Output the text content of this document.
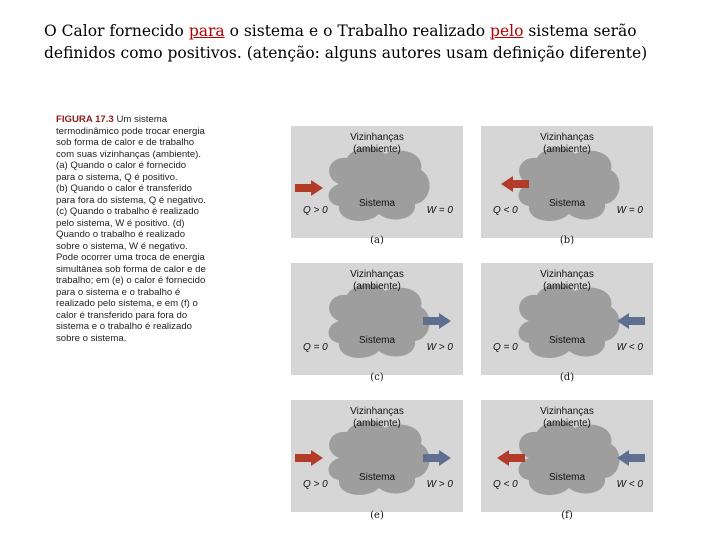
O Calor fornecido para o sistema e o Trabalho realizado pelo sistema serão definidos como positivos. (atenção: alguns autores usam definição diferente)
FIGURA 17.3 Um sistema
termodinâmico pode trocar energia
sob forma de calor e de trabalho
com suas vizinhanças (ambiente).
(a) Quando o calor é fornecido
para o sistema, Q é positivo.
(b) Quando o calor é transferido
para fora do sistema, Q é negativo.
(c) Quando o trabalho é realizado
pelo sistema, W é positivo. (d)
Quando o trabalho é realizado
sobre o sistema, W é negativo.
Pode ocorrer uma troca de energia
simultânea sob forma de calor e de
trabalho; em (e) o calor é fornecido
para o sistema e o trabalho é
realizado pelo sistema, e em (f) o
calor é transferido para fora do
sistema e o trabalho é realizado
sobre o sistema.
Vizinhanças
(ambiente)
Sistema
Q > 0	W = 0
(a)
Vizinhanças
(ambiente)
Sistema
Q < 0	W = 0
(b)
Vizinhanças
(ambiente)
Sistema
Q = 0	W > 0
(c)
Vizinhanças
(ambiente)
Sistema
Q = 0	W < 0
(d)
Vizinhanças
(ambiente)
Sistema
Q > 0	W > 0
(e)
Vizinhanças
(ambiente)
Sistema
Q < 0	W < 0
(f)
